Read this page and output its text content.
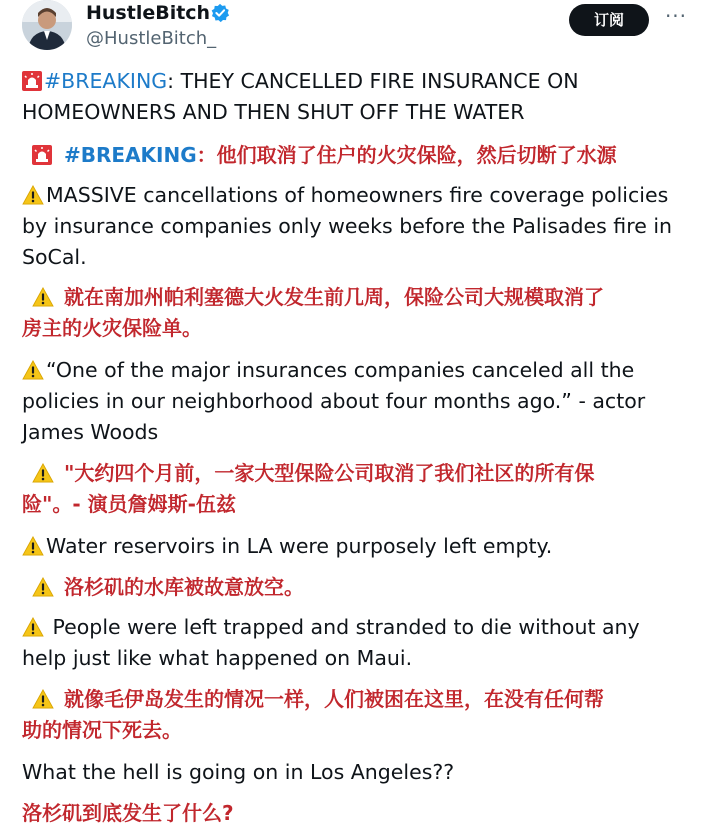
HustleBitch
@HustleBitch_
订阅	···
#BREAKING: THEY CANCELLED FIRE INSURANCE ON
HOMEOWNERS AND THEN SHUT OFF THE WATER
#BREAKING：他们取消了住户的火灾保险，然后切断了水源
MASSIVE cancellations of homeowners fire coverage policies
by insurance companies only weeks before the Palisades fire in
SoCal.
就在南加州帕利塞德大火发生前几周，保险公司大规模取消了
房主的火灾保险单。
“One of the major insurances companies canceled all the
policies in our neighborhood about four months ago.” - actor
James Woods
"大约四个月前，一家大型保险公司取消了我们社区的所有保
险"。- 演员詹姆斯-伍兹
Water reservoirs in LA were purposely left empty.
洛杉矶的水库被故意放空。
People were left trapped and stranded to die without any
help just like what happened on Maui.
就像毛伊岛发生的情况一样，人们被困在这里，在没有任何帮
助的情况下死去。
What the hell is going on in Los Angeles??
洛杉矶到底发生了什么?
